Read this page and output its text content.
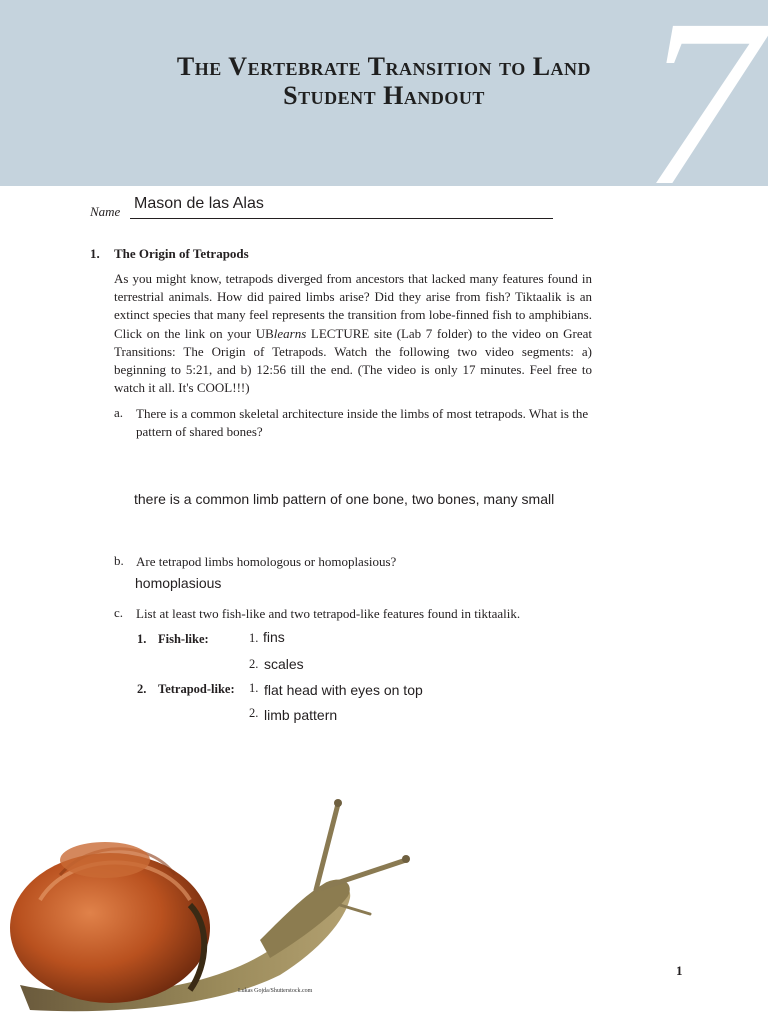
7
The Vertebrate Transition to Land
Student Handout
Name Mason de las Alas
1. The Origin of Tetrapods

As you might know, tetrapods diverged from ancestors that lacked many features found in terrestrial animals. How did paired limbs arise? Did they arise from fish? Tiktaalik is an extinct species that many feel represents the transition from lobe-finned fish to amphibians. Click on the link on your UBlearns LECTURE site (Lab 7 folder) to the video on Great Transitions: The Origin of Tetrapods. Watch the following two video segments: a) beginning to 5:21, and b) 12:56 till the end. (The video is only 17 minutes. Feel free to watch it all. It's COOL!!!)

a. There is a common skeletal architecture inside the limbs of most tetrapods. What is the pattern of shared bones?

there is a common limb pattern of one bone, two bones, many small
b. Are tetrapod limbs homologous or homoplasious?

homoplasious
c. List at least two fish-like and two tetrapod-like features found in tiktaalik.

1. Fish-like:	1. fins
2. scales
2. Tetrapod-like: 1. flat head with eyes on top
2. limb pattern
Lukas Gojda/Shutterstock.com
1
